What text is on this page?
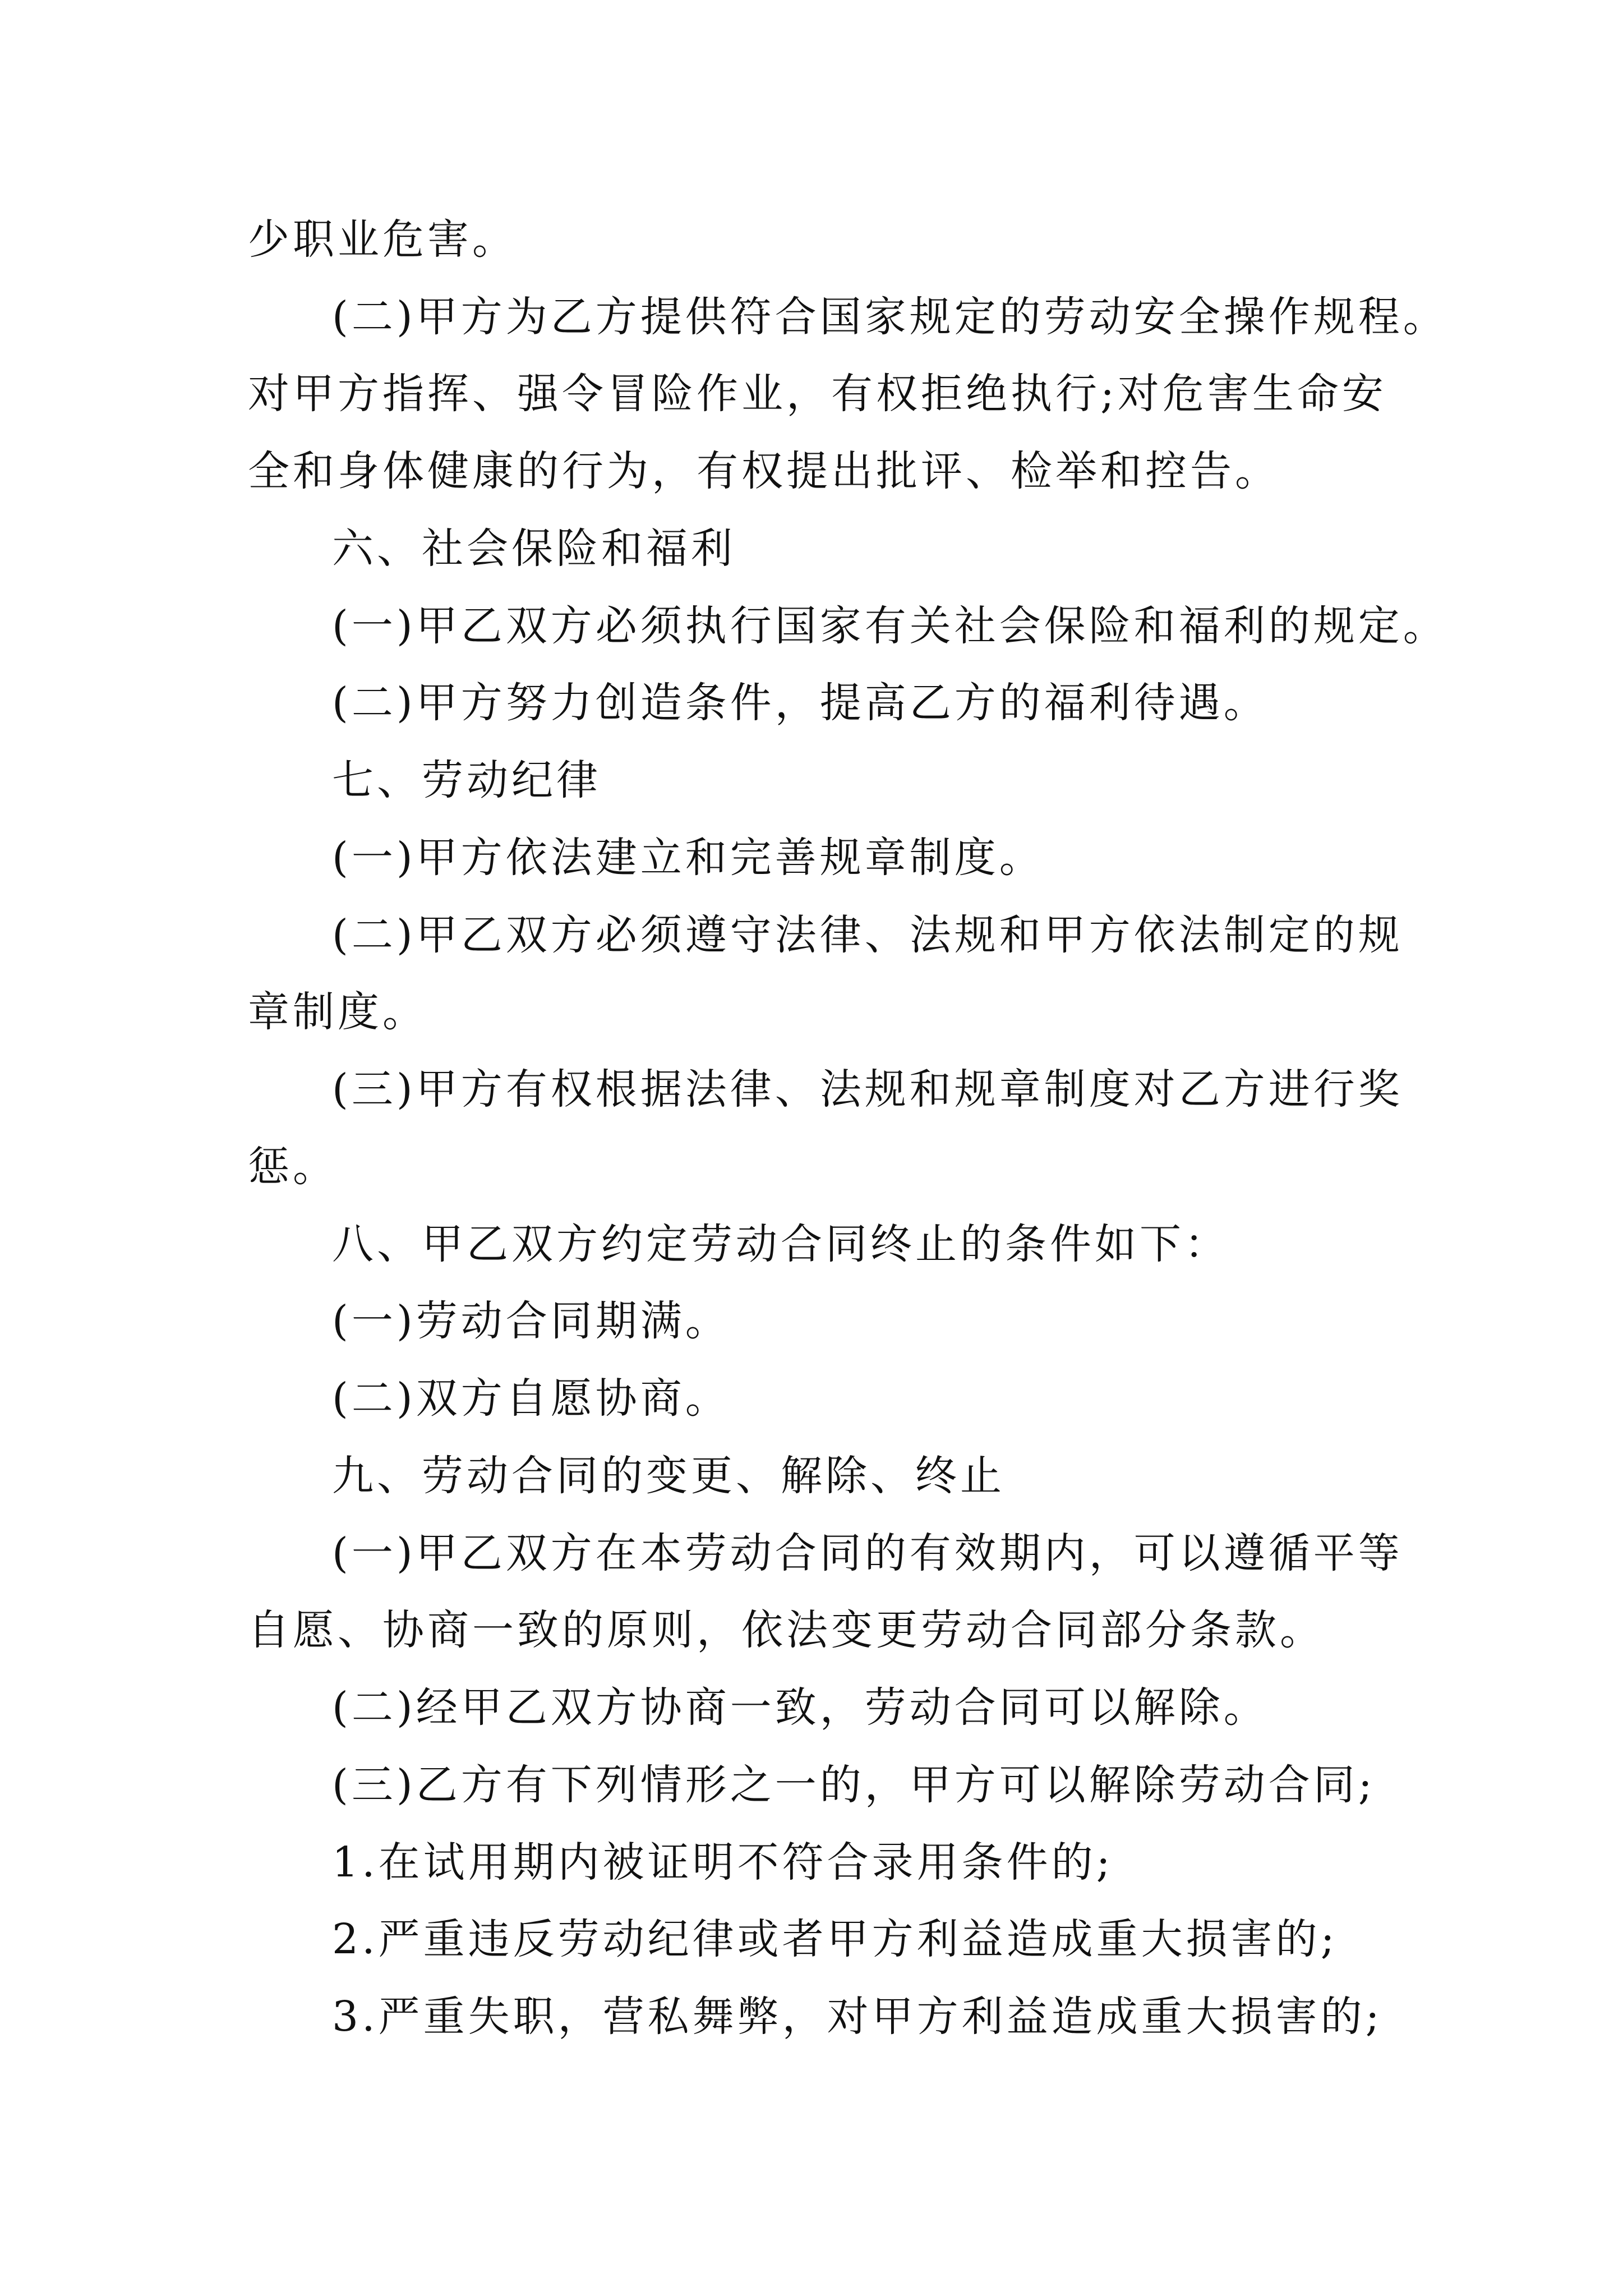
少职业危害。
(二)甲方为乙方提供符合国家规定的劳动安全操作规程。
对甲方指挥、强令冒险作业，有权拒绝执行;对危害生命安
全和身体健康的行为，有权提出批评、检举和控告。
六、社会保险和福利
(一)甲乙双方必须执行国家有关社会保险和福利的规定。
(二)甲方努力创造条件，提高乙方的福利待遇。
七、劳动纪律
(一)甲方依法建立和完善规章制度。
(二)甲乙双方必须遵守法律、法规和甲方依法制定的规
章制度。
(三)甲方有权根据法律、法规和规章制度对乙方进行奖
惩。
八、甲乙双方约定劳动合同终止的条件如下：
(一)劳动合同期满。
(二)双方自愿协商。
九、劳动合同的变更、解除、终止
(一)甲乙双方在本劳动合同的有效期内，可以遵循平等
自愿、协商一致的原则，依法变更劳动合同部分条款。
(二)经甲乙双方协商一致，劳动合同可以解除。
(三)乙方有下列情形之一的，甲方可以解除劳动合同;
1.在试用期内被证明不符合录用条件的;
2.严重违反劳动纪律或者甲方利益造成重大损害的;
3.严重失职，营私舞弊，对甲方利益造成重大损害的;
